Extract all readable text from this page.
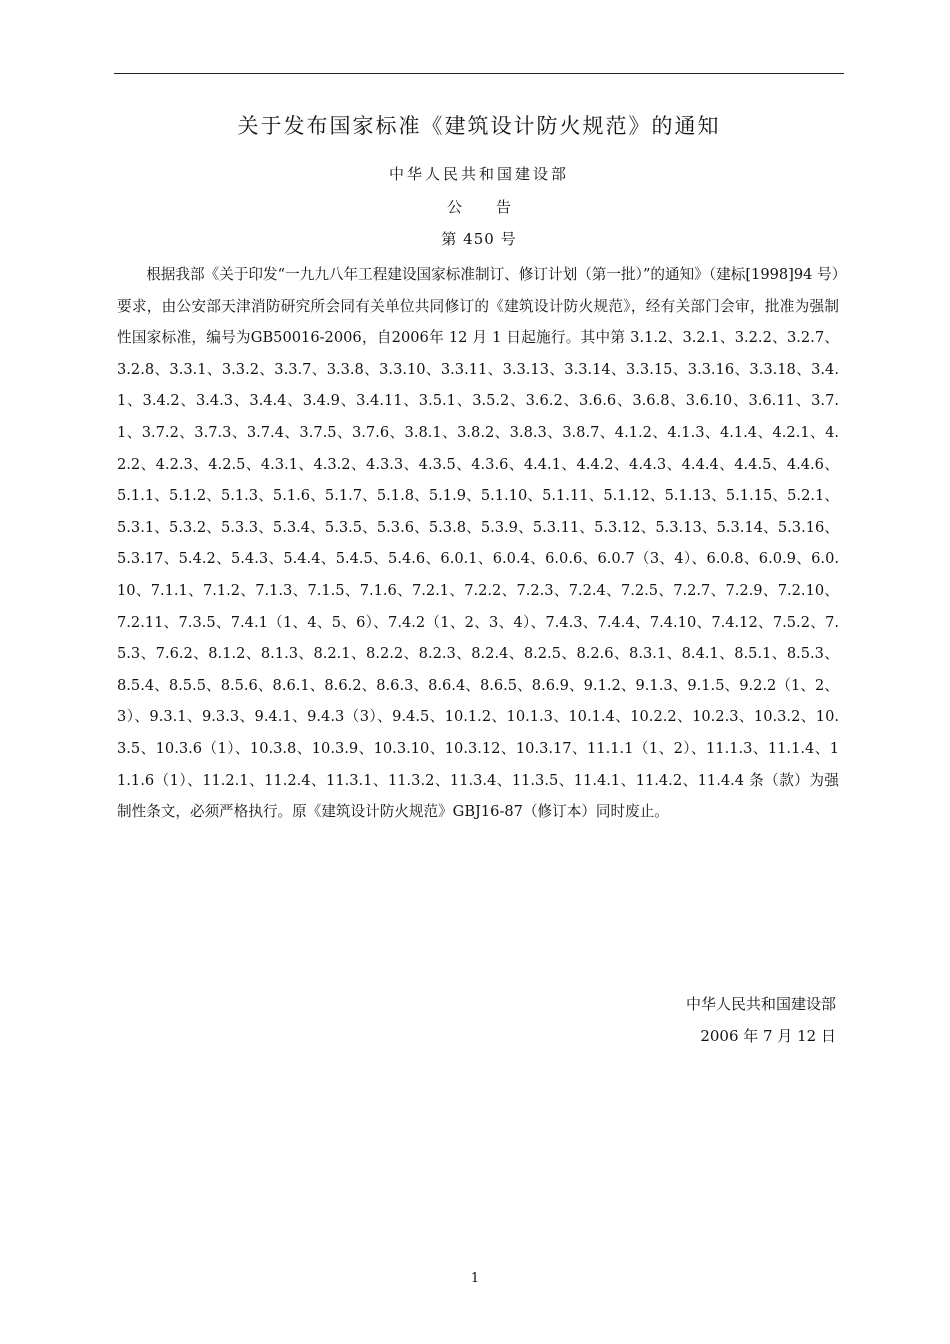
关于发布国家标准《建筑设计防火规范》的通知
中华人民共和国建设部
公告
第 450 号
根据我部《关于印发“一九九八年工程建设国家标准制订、修订计划（第一批）”的通知》（建标[1998]94 号）要求，由公安部天津消防研究所会同有关单位共同修订的《建筑设计防火规范》，经有关部门会审，批准为强制性国家标准，编号为GB50016-2006，自2006年 12 月 1 日起施行。其中第 3.1.2、3.2.1、3.2.2、3.2.7、3.2.8、3.3.1、3.3.2、3.3.7、3.3.8、3.3.10、3.3.11、3.3.13、3.3.14、3.3.15、3.3.16、3.3.18、3.4.1、3.4.2、3.4.3、3.4.4、3.4.9、3.4.11、3.5.1、3.5.2、3.6.2、3.6.6、3.6.8、3.6.10、3.6.11、3.7.1、3.7.2、3.7.3、3.7.4、3.7.5、3.7.6、3.8.1、3.8.2、3.8.3、3.8.7、4.1.2、4.1.3、4.1.4、4.2.1、4.2.2、4.2.3、4.2.5、4.3.1、4.3.2、4.3.3、4.3.5、4.3.6、4.4.1、4.4.2、4.4.3、4.4.4、4.4.5、4.4.6、5.1.1、5.1.2、5.1.3、5.1.6、5.1.7、5.1.8、5.1.9、5.1.10、5.1.11、5.1.12、5.1.13、5.1.15、5.2.1、5.3.1、5.3.2、5.3.3、5.3.4、5.3.5、5.3.6、5.3.8、5.3.9、5.3.11、5.3.12、5.3.13、5.3.14、5.3.16、5.3.17、5.4.2、5.4.3、5.4.4、5.4.5、5.4.6、6.0.1、6.0.4、6.0.6、6.0.7（3、4）、6.0.8、6.0.9、6.0.10、7.1.1、7.1.2、7.1.3、7.1.5、7.1.6、7.2.1、7.2.2、7.2.3、7.2.4、7.2.5、7.2.7、7.2.9、7.2.10、7.2.11、7.3.5、7.4.1（1、4、5、6）、7.4.2（1、2、3、4）、7.4.3、7.4.4、7.4.10、7.4.12、7.5.2、7.5.3、7.6.2、8.1.2、8.1.3、8.2.1、8.2.2、8.2.3、8.2.4、8.2.5、8.2.6、8.3.1、8.4.1、8.5.1、8.5.3、8.5.4、8.5.5、8.5.6、8.6.1、8.6.2、8.6.3、8.6.4、8.6.5、8.6.9、9.1.2、9.1.3、9.1.5、9.2.2（1、2、3）、9.3.1、9.3.3、9.4.1、9.4.3（3）、9.4.5、10.1.2、10.1.3、10.1.4、10.2.2、10.2.3、10.3.2、10.3.5、10.3.6（1）、10.3.8、10.3.9、10.3.10、10.3.12、10.3.17、11.1.1（1、2）、11.1.3、11.1.4、11.1.6（1）、11.2.1、11.2.4、11.3.1、11.3.2、11.3.4、11.3.5、11.4.1、11.4.2、11.4.4 条（款）为强制性条文，必须严格执行。原《建筑设计防火规范》GBJ16-87（修订本）同时废止。
中华人民共和国建设部
2006 年 7 月 12 日
1
